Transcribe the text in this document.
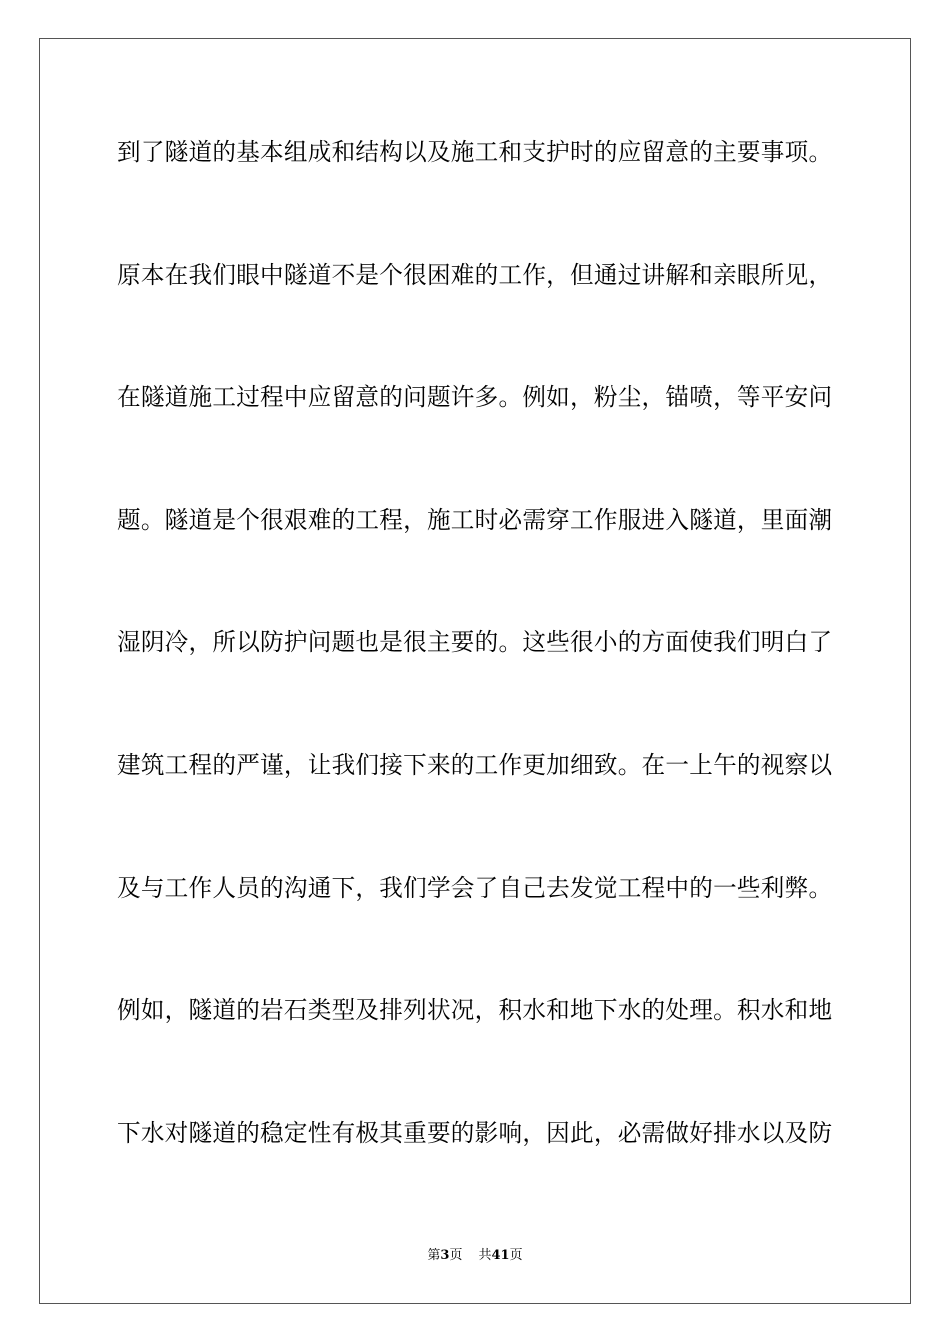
到了隧道的基本组成和结构以及施工和支护时的应留意的主要事项。
原本在我们眼中隧道不是个很困难的工作，但通过讲解和亲眼所见，
在隧道施工过程中应留意的问题许多。例如，粉尘，锚喷，等平安问
题。隧道是个很艰难的工程，施工时必需穿工作服进入隧道，里面潮
湿阴冷，所以防护问题也是很主要的。这些很小的方面使我们明白了
建筑工程的严谨，让我们接下来的工作更加细致。在一上午的视察以
及与工作人员的沟通下，我们学会了自己去发觉工程中的一些利弊。
例如，隧道的岩石类型及排列状况，积水和地下水的处理。积水和地
下水对隧道的稳定性有极其重要的影响，因此，必需做好排水以及防
第3页 共41页
